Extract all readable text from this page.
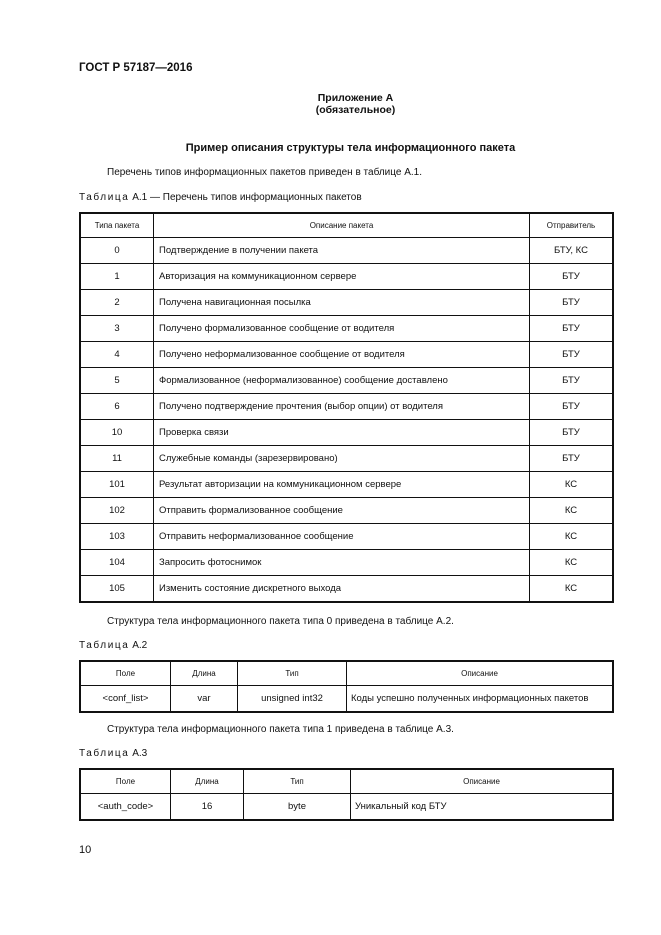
ГОСТ Р 57187—2016
Приложение А
(обязательное)
Пример описания структуры тела информационного пакета
Перечень типов информационных пакетов приведен в таблице А.1.
Таблица А.1 — Перечень типов информационных пакетов
Типа пакета	Описание пакета	Отправитель
0	Подтверждение в получении пакета	БТУ, КС
1	Авторизация на коммуникационном сервере	БТУ
2	Получена навигационная посылка	БТУ
3	Получено формализованное сообщение от водителя	БТУ
4	Получено неформализованное сообщение от водителя	БТУ
5	Формализованное (неформализованное) сообщение доставлено	БТУ
6	Получено подтверждение прочтения (выбор опции) от водителя	БТУ
10	Проверка связи	БТУ
11	Служебные команды (зарезервировано)	БТУ
101	Результат авторизации на коммуникационном сервере	КС
102	Отправить формализованное сообщение	КС
103	Отправить неформализованное сообщение	КС
104	Запросить фотоснимок	КС
105	Изменить состояние дискретного выхода	КС
Структура тела информационного пакета типа 0 приведена в таблице А.2.
Таблица А.2
Поле	Длина	Тип	Описание
<conf_list>	var	unsigned int32	Коды успешно полученных информационных пакетов
Структура тела информационного пакета типа 1 приведена в таблице А.3.
Таблица А.3
Поле	Длина	Тип	Описание
<auth_code>	16	byte	Уникальный код БТУ
10
